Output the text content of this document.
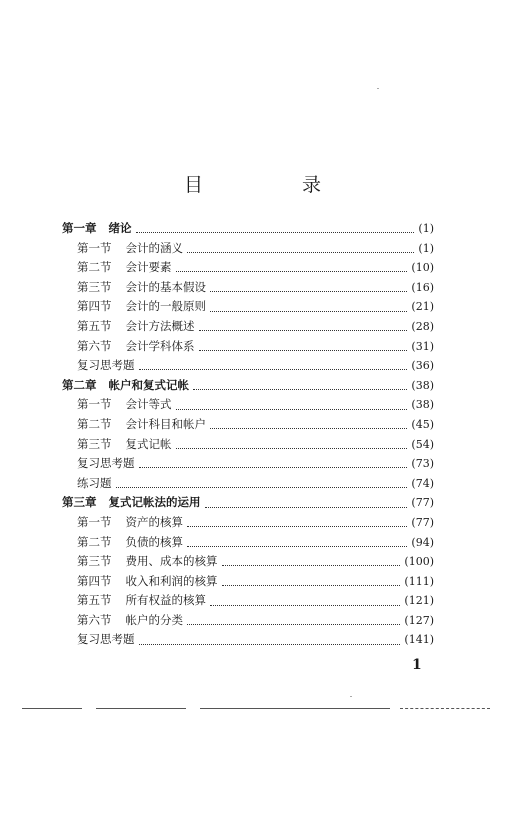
目　录
第一章 绪论	(1)
第一节 会计的涵义	(1)
第二节 会计要素	(10)
第三节 会计的基本假设	(16)
第四节 会计的一般原则	(21)
第五节 会计方法概述	(28)
第六节 会计学科体系	(31)
复习思考题	(36)
第二章 帐户和复式记帐	(38)
第一节 会计等式	(38)
第二节 会计科目和帐户	(45)
第三节 复式记帐	(54)
复习思考题	(73)
练习题	(74)
第三章 复式记帐法的运用	(77)
第一节 资产的核算	(77)
第二节 负债的核算	(94)
第三节 费用、成本的核算	(100)
第四节 收入和利润的核算	(111)
第五节 所有权益的核算	(121)
第六节 帐户的分类	(127)
复习思考题	(141)
1
